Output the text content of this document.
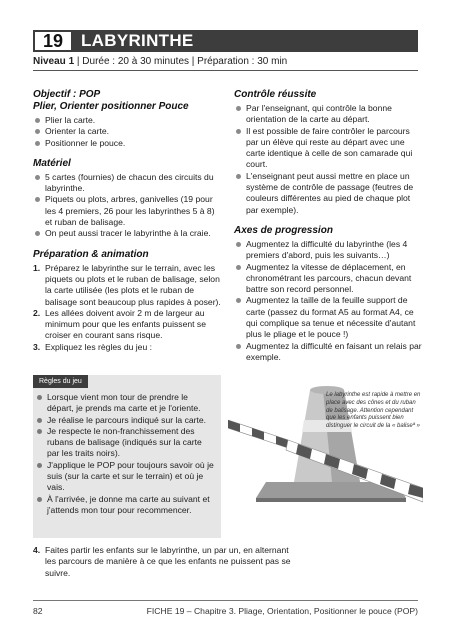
19	LABYRINTHE
Niveau 1 | Durée : 20 à 30 minutes | Préparation : 30 min
Objectif : POP
Plier, Orienter positionner Pouce
Plier la carte.
Orienter la carte.
Positionner le pouce.
Matériel
5 cartes (fournies) de chacun des circuits du labyrinthe.
Piquets ou plots, arbres, ganivelles (19 pour les 4 premiers, 26 pour les labyrinthes 5 à 8) et ruban de balisage.
On peut aussi tracer le labyrinthe à la craie.
Préparation & animation
1. Préparez le labyrinthe sur le terrain, avec les piquets ou plots et le ruban de balisage, selon la carte utilisée (les plots et le ruban de balisage sont beaucoup plus rapides à poser).
2. Les allées doivent avoir 2 m de largeur au minimum pour que les enfants puissent se croiser en courant sans risque.
3. Expliquez les règles du jeu :
Contrôle réussite
Par l'enseignant, qui contrôle la bonne orientation de la carte au départ.
Il est possible de faire contrôler le parcours par un élève qui reste au départ avec une carte identique à celle de son camarade qui court.
L'enseignant peut aussi mettre en place un système de contrôle de passage (feutres de couleurs différentes au pied de chaque plot par exemple).
Axes de progression
Augmentez la difficulté du labyrinthe (les 4 premiers d'abord, puis les suivants…)
Augmentez la vitesse de déplacement, en chronométrant les parcours, chacun devant battre son record personnel.
Augmentez la taille de la feuille support de carte (passez du format A5 au format A4, ce qui complique sa tenue et nécessite d'autant plus le pliage et le pouce !)
Augmentez la difficulté en faisant un relais par exemple.
Règles du jeu
Lorsque vient mon tour de prendre le départ, je prends ma carte et je l'oriente.
Je réalise le parcours indiqué sur la carte.
Je respecte le non-franchissement des rubans de balisage (indiqués sur la carte par les traits noirs).
J'applique le POP pour toujours savoir où je suis (sur la carte et sur le terrain) et où je vais.
À l'arrivée, je donne ma carte au suivant et j'attends mon tour pour recommencer.
Le labyrinthe est rapide à mettre en place avec des cônes et du ruban de balisage. Attention cependant que les enfants puissent bien distinguer le circuit de la « baliseª »
4. Faites partir les enfants sur le labyrinthe, un par un, en alternant les parcours de manière à ce que les enfants ne puissent pas se suivre.
82	FICHE 19 – Chapitre 3. Pliage, Orientation, Positionner le pouce (POP)
